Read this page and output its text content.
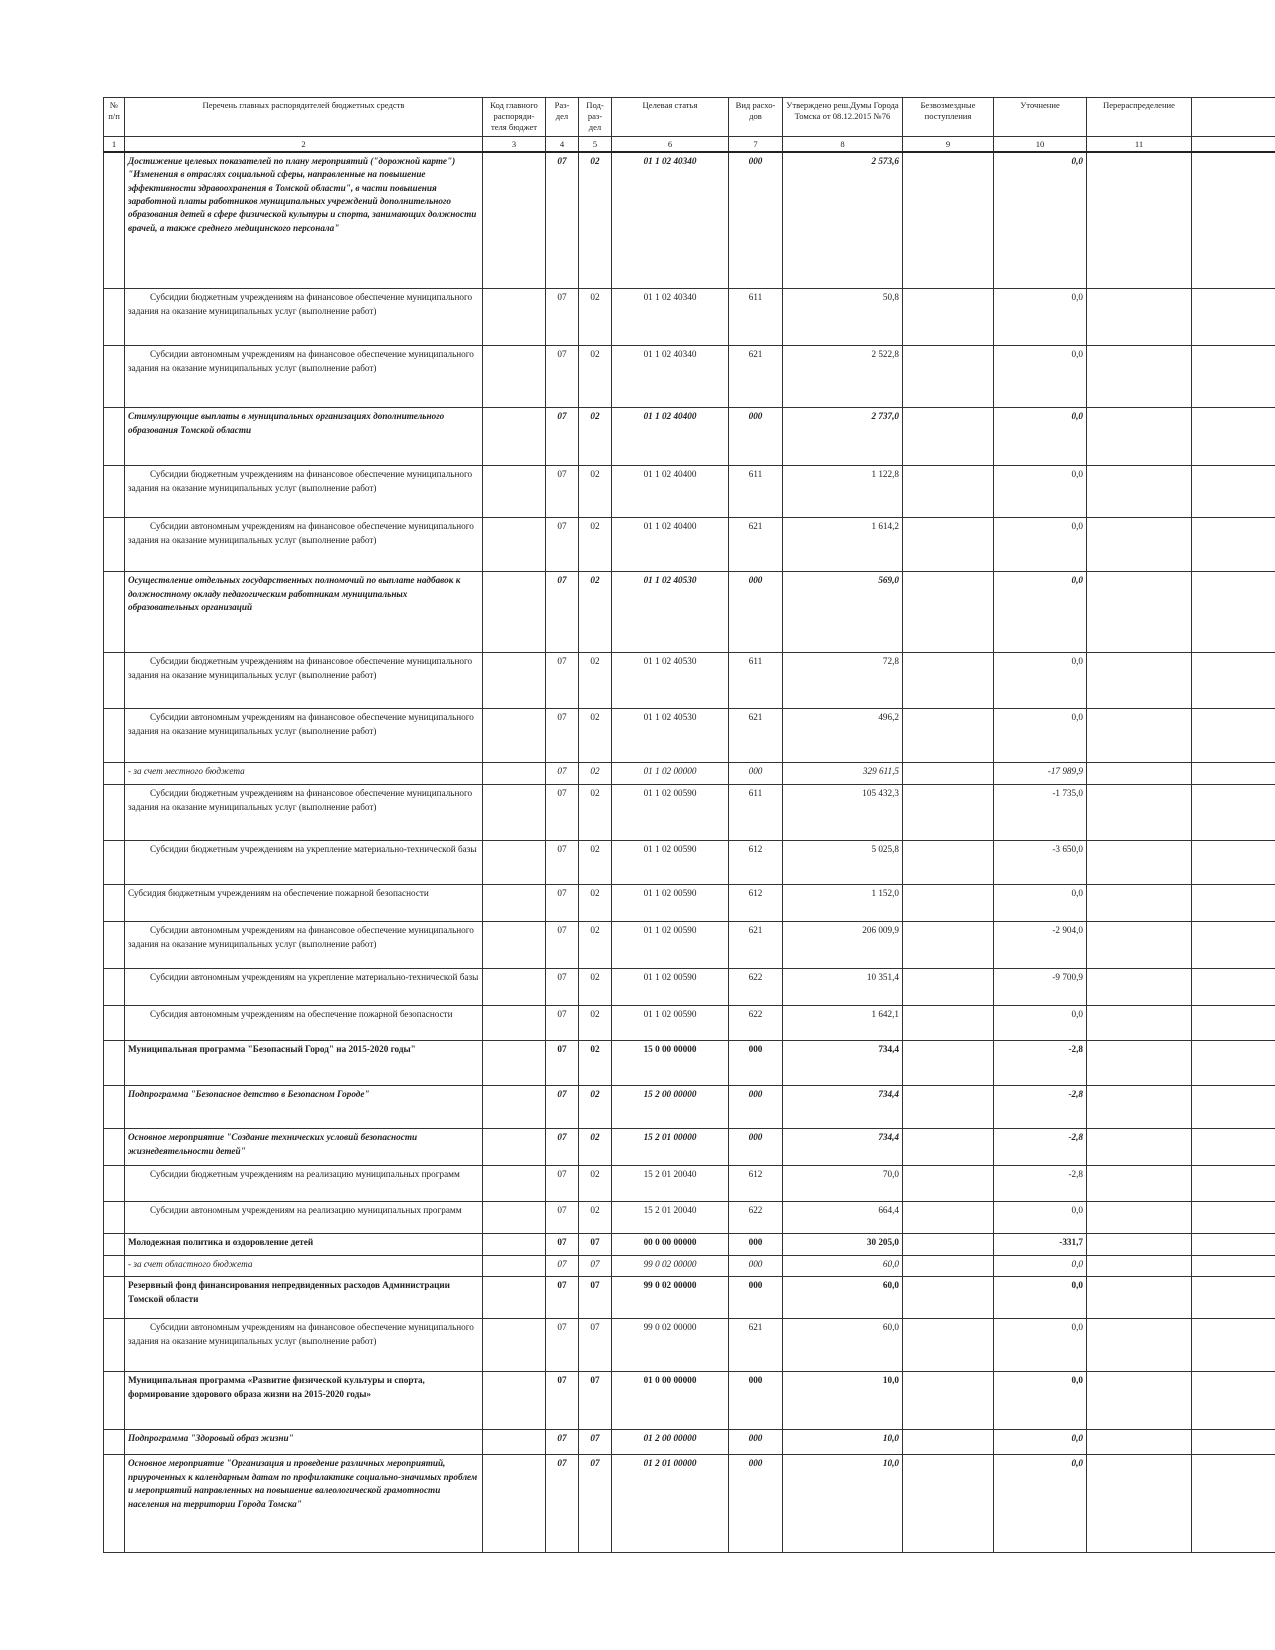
№ п/п	Перечень главных распорядителей бюджетных средств	Код главного распоряди-теля бюджет	Раз-дел	Под-раз-дел	Целевая статья	Вид расхо-дов	Утверждено реш.Думы Города Томска от 08.12.2015 №76	Безвозмездные поступления	Уточнение	Перераспределение	
1	2	3	4	5	6	7	8	9	10	11	
	Достижение целевых показателей по плану мероприятий ("дорожной карте") "Изменения в отраслях социальной сферы, направленные на повышение эффективности здравоохранения в Томской области", в части повышения заработной платы работников муниципальных учреждений дополнительного образования детей в сфере физической культуры и спорта, занимающих должности врачей, а также среднего медицинского персонала"		07	02	01 1 02 40340	000	2 573,6		0,0		
	Субсидии бюджетным учреждениям на финансовое обеспечение муниципального задания на оказание муниципальных услуг (выполнение работ)		07	02	01 1 02 40340	611	50,8		0,0		
	Субсидии автономным учреждениям на финансовое обеспечение муниципального задания на оказание муниципальных услуг (выполнение работ)		07	02	01 1 02 40340	621	2 522,8		0,0		
	Стимулирующие выплаты в муниципальных организациях дополнительного образования Томской области		07	02	01 1 02 40400	000	2 737,0		0,0		
	Субсидии бюджетным учреждениям на финансовое обеспечение муниципального задания на оказание муниципальных услуг (выполнение работ)		07	02	01 1 02 40400	611	1 122,8		0,0		
	Субсидии автономным учреждениям на финансовое обеспечение муниципального задания на оказание муниципальных услуг (выполнение работ)		07	02	01 1 02 40400	621	1 614,2		0,0		
	Осуществление отдельных государственных полномочий по выплате надбавок к должностному окладу педагогическим работникам муниципальных образовательных организаций		07	02	01 1 02 40530	000	569,0		0,0		
	Субсидии бюджетным учреждениям на финансовое обеспечение муниципального задания на оказание муниципальных услуг (выполнение работ)		07	02	01 1 02 40530	611	72,8		0,0		
	Субсидии автономным учреждениям на финансовое обеспечение муниципального задания на оказание муниципальных услуг (выполнение работ)		07	02	01 1 02 40530	621	496,2		0,0		
	- за счет местного бюджета		07	02	01 1 02 00000	000	329 611,5		-17 989,9		
	Субсидии бюджетным учреждениям на финансовое обеспечение муниципального задания на оказание муниципальных услуг (выполнение работ)		07	02	01 1 02 00590	611	105 432,3		-1 735,0		
	Субсидии бюджетным учреждениям на укрепление материально-технической базы		07	02	01 1 02 00590	612	5 025,8		-3 650,0		
	Субсидия бюджетным учреждениям на обеспечение пожарной безопасности		07	02	01 1 02 00590	612	1 152,0		0,0		
	Субсидии автономным учреждениям на финансовое обеспечение муниципального задания на оказание муниципальных услуг (выполнение работ)		07	02	01 1 02 00590	621	206 009,9		-2 904,0		
	Субсидии автономным учреждениям на укрепление материально-технической базы		07	02	01 1 02 00590	622	10 351,4		-9 700,9		
	Субсидия автономным учреждениям на обеспечение пожарной безопасности		07	02	01 1 02 00590	622	1 642,1		0,0		
	Муниципальная программа "Безопасный Город" на 2015-2020 годы"		07	02	15 0 00 00000	000	734,4		-2,8		
	Подпрограмма "Безопасное детство в Безопасном Городе"		07	02	15 2 00 00000	000	734,4		-2,8		
	Основное мероприятие "Создание технических условий безопасности жизнедеятельности детей"		07	02	15 2 01 00000	000	734,4		-2,8		
	Субсидии бюджетным учреждениям на реализацию муниципальных программ		07	02	15 2 01 20040	612	70,0		-2,8		
	Субсидии автономным учреждениям на реализацию муниципальных программ		07	02	15 2 01 20040	622	664,4		0,0		
	Молодежная политика и оздоровление детей		07	07	00 0 00 00000	000	30 205,0		-331,7		
	- за счет областного бюджета		07	07	99 0 02 00000	000	60,0		0,0		
	Резервный фонд финансирования непредвиденных расходов Администрации Томской области		07	07	99 0 02 00000	000	60,0		0,0		
	Субсидии автономным учреждениям на финансовое обеспечение муниципального задания на оказание муниципальных услуг (выполнение работ)		07	07	99 0 02 00000	621	60,0		0,0		
	Муниципальная программа «Развитие физической культуры и спорта, формирование здорового образа жизни на 2015-2020 годы»		07	07	01 0 00 00000	000	10,0		0,0		
	Подпрограмма "Здоровый образ жизни"		07	07	01 2 00 00000	000	10,0		0,0		
	Основное мероприятие "Организация и проведение различных мероприятий, приуроченных к календарным датам по профилактике социально-значимых проблем и мероприятий направленных на повышение валеологической грамотности населения на территории Города Томска"		07	07	01 2 01 00000	000	10,0		0,0		
